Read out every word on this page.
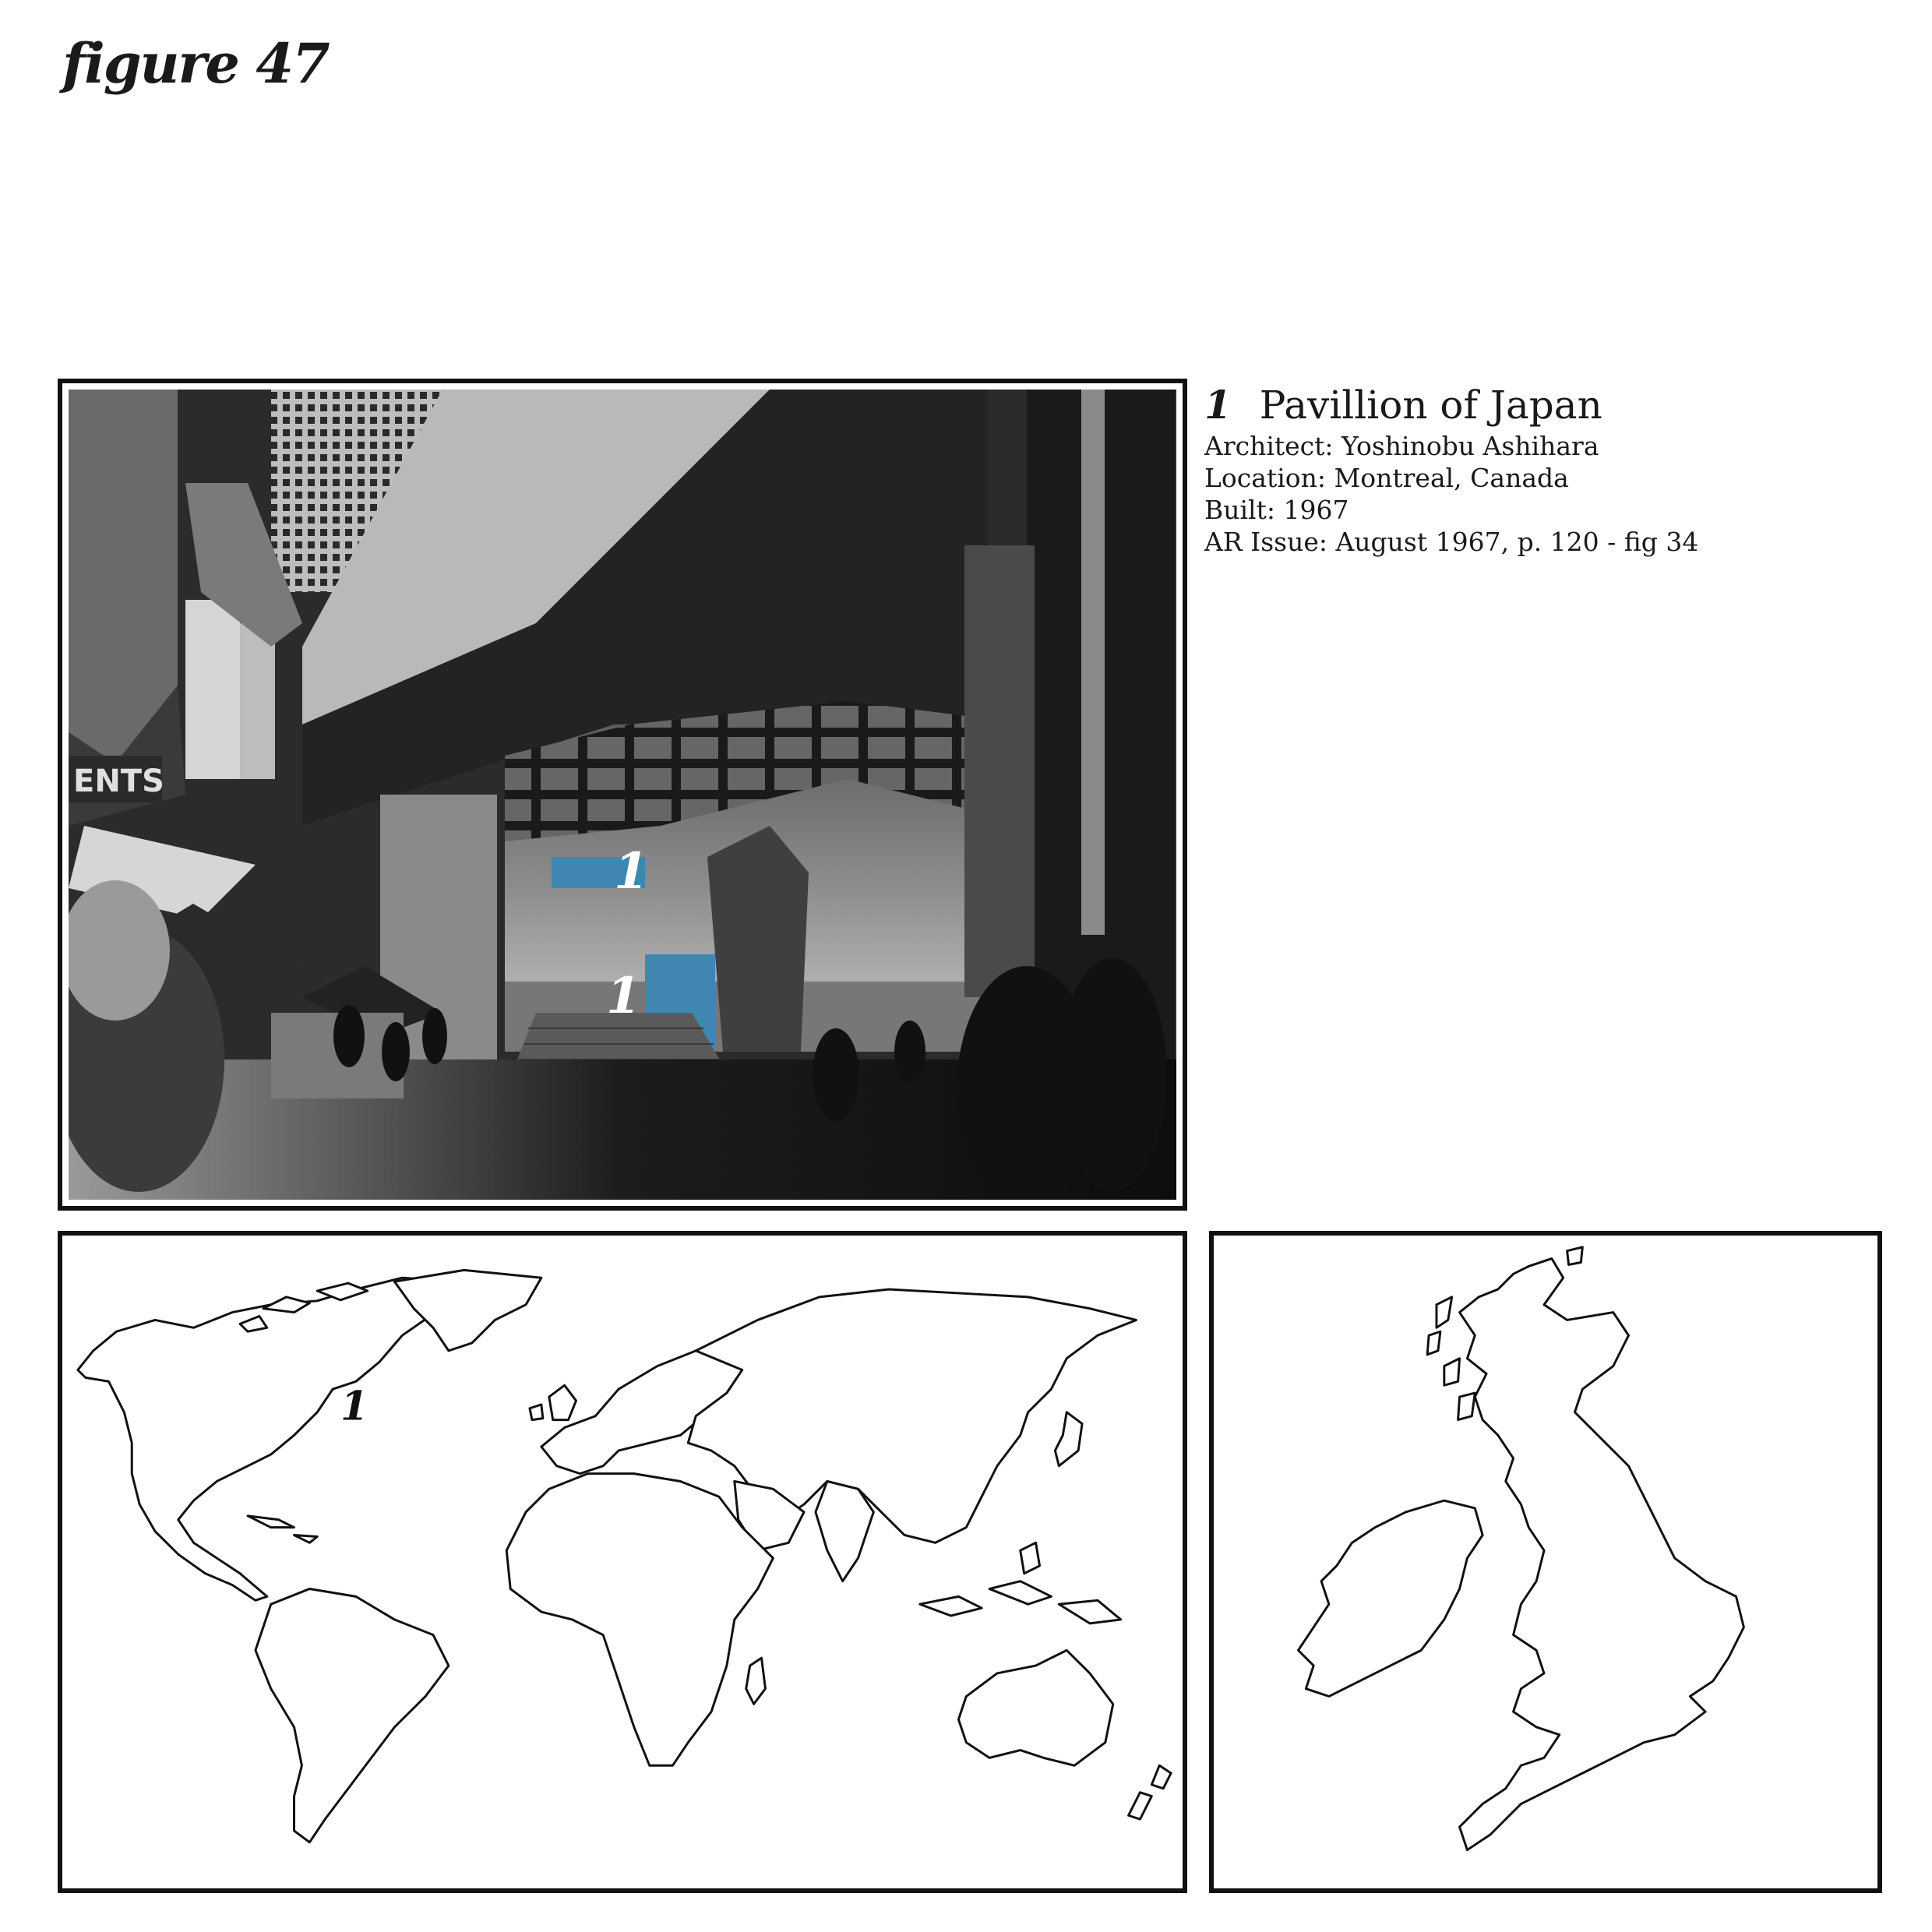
figure 47
ENTS
1
1
1 Pavillion of Japan
Architect: Yoshinobu Ashihara
Location: Montreal, Canada
Built: 1967
AR Issue: August 1967, p. 120 - fig 34
1
